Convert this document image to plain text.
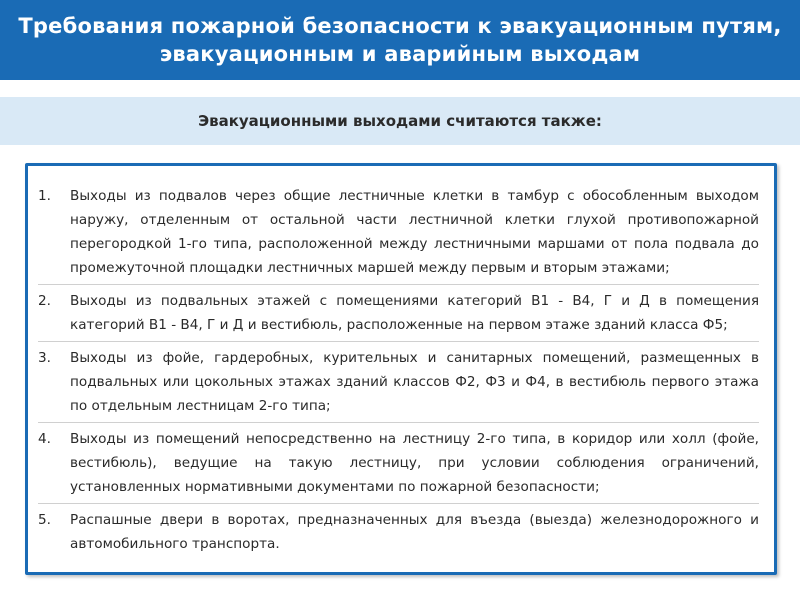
Требования пожарной безопасности к эвакуационным путям,
эвакуационным и аварийным выходам
Эвакуационными выходами считаются также:
1.	Выходы из подвалов через общие лестничные клетки в тамбур с обособленным выходом наружу, отделенным от остальной части лестничной клетки глухой противопожарной перегородкой 1-го типа, расположенной между лестничными маршами от пола подвала до промежуточной площадки лестничных маршей между первым и вторым этажами;
2.	Выходы из подвальных этажей с помещениями категорий В1 - В4, Г и Д в помещения категорий В1 - В4, Г и Д и вестибюль, расположенные на первом этаже зданий класса Ф5;
3.	Выходы из фойе, гардеробных, курительных и санитарных помещений, размещенных в подвальных или цокольных этажах зданий классов Ф2, Ф3 и Ф4, в вестибюль первого этажа по отдельным лестницам 2-го типа;
4.	Выходы из помещений непосредственно на лестницу 2-го типа, в коридор или холл (фойе, вестибюль), ведущие на такую лестницу, при условии соблюдения ограничений, установленных нормативными документами по пожарной безопасности;
5.	Распашные двери в воротах, предназначенных для въезда (выезда) железнодорожного и автомобильного транспорта.
